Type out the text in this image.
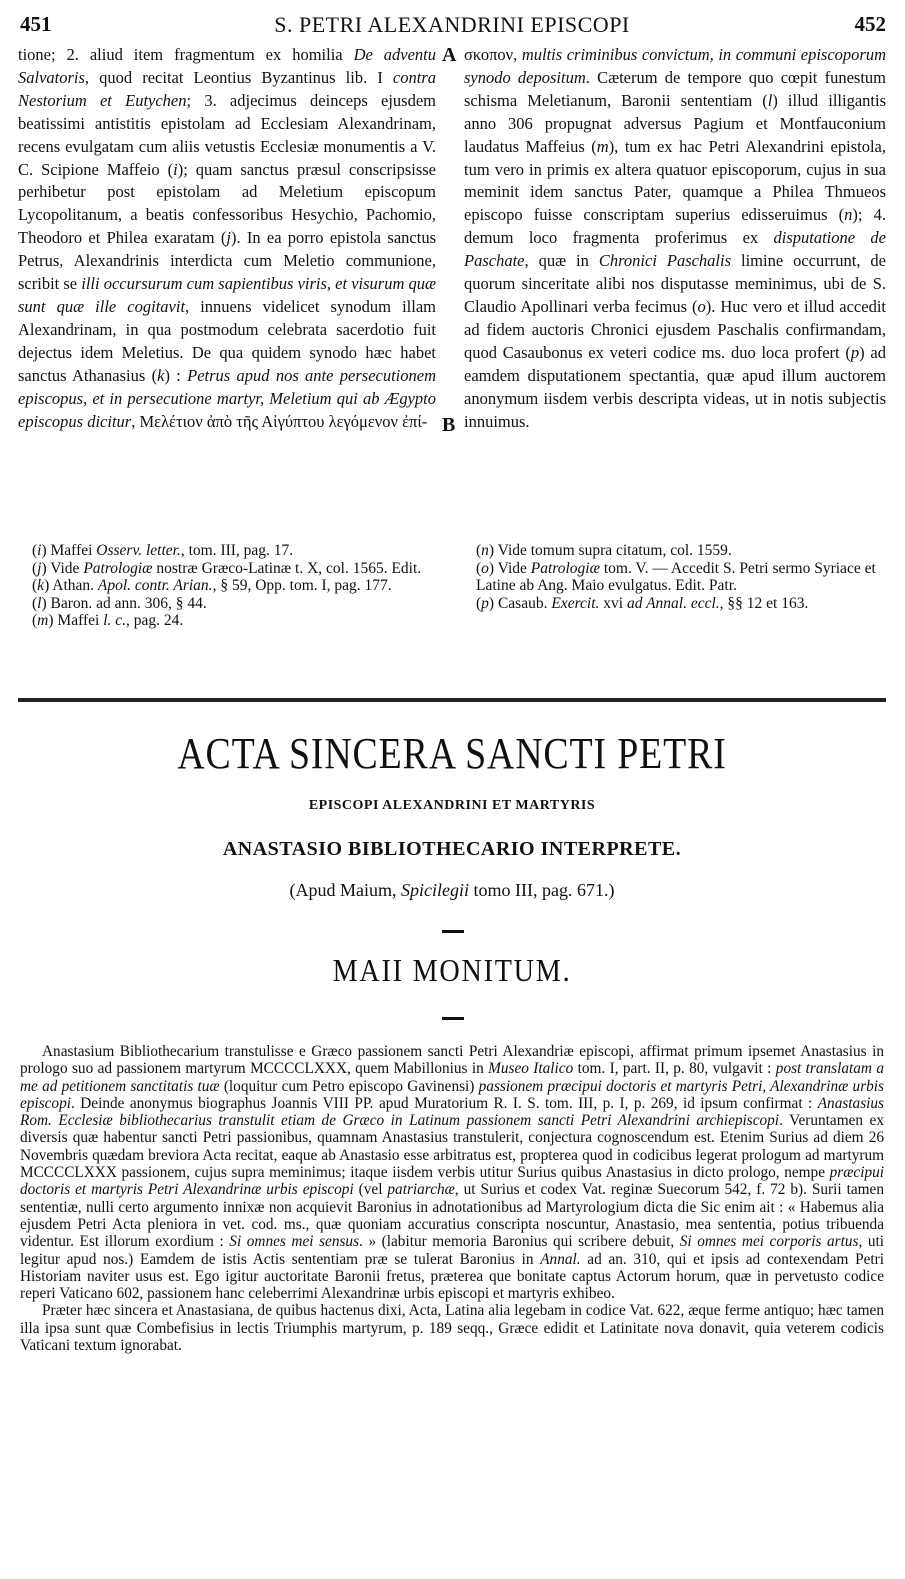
451	S. PETRI ALEXANDRINI EPISCOPI	452

tione; 2. aliud item fragmentum ex homilia De adventu Salvatoris, quod recitat Leontius Byzantinus lib. I contra Nestorium et Eutychen; 3. adjecimus deinceps ejusdem beatissimi antistitis epistolam ad Ecclesiam Alexandrinam, recens evulgatam cum aliis vetustis Ecclesiæ monumentis a V. C. Scipione Maffeio (i); quam sanctus præsul conscripsisse perhibetur post epistolam ad Meletium episcopum Lycopolitanum, a beatis confessoribus Hesychio, Pachomio, Theodoro et Philea exaratam (j). In ea porro epistola sanctus Petrus, Alexandrinis interdicta cum Meletio communione, scribit se illi occursurum cum sapientibus viris, et visurum quæ sunt quæ ille cogitavit, innuens videlicet synodum illam Alexandrinam, in qua postmodum celebrata sacerdotio fuit dejectus idem Meletius. De qua quidem synodo hæc habet sanctus Athanasius (k) : Petrus apud nos ante persecutionem episcopus, et in persecutione martyr, Meletium qui ab Ægypto episcopus dicitur, Μελέτιον ἀπὸ τῆς Αἰγύπτου λεγόμενον ἐπί-

σκοπον, multis criminibus convictum, in communi episcoporum synodo depositum. Cæterum de tempore quo cœpit funestum schisma Meletianum, Baronii sententiam (l) illud illigantis anno 306 propugnat adversus Pagium et Montfauconium laudatus Maffeius (m), tum ex hac Petri Alexandrini epistola, tum vero in primis ex altera quatuor episcoporum, cujus in sua meminit idem sanctus Pater, quamque a Philea Thmueos episcopo fuisse conscriptam superius edisseruimus (n); 4. demum loco fragmenta proferimus ex disputatione de Paschate, quæ in Chronici Paschalis limine occurrunt, de quorum sinceritate alibi nos disputasse meminimus, ubi de S. Claudio Apollinari verba fecimus (o). Huc vero et illud accedit ad fidem auctoris Chronici ejusdem Paschalis confirmandam, quod Casaubonus ex veteri codice ms. duo loca profert (p) ad eamdem disputationem spectantia, quæ apud illum auctorem anonymum iisdem verbis descripta videas, ut in notis subjectis innuimus.

A
B

(i) Maffei Osserv. letter., tom. III, pag. 17.

(j) Vide Patrologiæ nostræ Græco-Latinæ t. X, col. 1565. Edit.

(k) Athan. Apol. contr. Arian., § 59, Opp. tom. I, pag. 177.

(l) Baron. ad ann. 306, § 44.

(m) Maffei l. c., pag. 24.

(n) Vide tomum supra citatum, col. 1559.

(o) Vide Patrologiæ tom. V. — Accedit S. Petri sermo Syriace et Latine ab Ang. Maio evulgatus. Edit. Patr.

(p) Casaub. Exercit. xvi ad Annal. eccl., §§ 12 et 163.

ACTA SINCERA SANCTI PETRI
EPISCOPI ALEXANDRINI ET MARTYRIS
ANASTASIO BIBLIOTHECARIO INTERPRETE.
(Apud Maium, Spicilegii tomo III, pag. 671.)
MAII MONITUM.

Anastasium Bibliothecarium transtulisse e Græco passionem sancti Petri Alexandriæ episcopi, affirmat primum ipsemet Anastasius in prologo suo ad passionem martyrum MCCCCLXXX, quem Mabillonius in Museo Italico tom. I, part. II, p. 80, vulgavit : post translatam a me ad petitionem sanctitatis tuæ (loquitur cum Petro episcopo Gavinensi) passionem præcipui doctoris et martyris Petri, Alexandrinæ urbis episcopi. Deinde anonymus biographus Joannis VIII PP. apud Muratorium R. I. S. tom. III, p. I, p. 269, id ipsum confirmat : Anastasius Rom. Ecclesiæ bibliothecarius transtulit etiam de Græco in Latinum passionem sancti Petri Alexandrini archiepiscopi. Veruntamen ex diversis quæ habentur sancti Petri passionibus, quamnam Anastasius transtulerit, conjectura cognoscendum est. Etenim Surius ad diem 26 Novembris quædam breviora Acta recitat, eaque ab Anastasio esse arbitratus est, propterea quod in codicibus legerat prologum ad martyrum MCCCCLXXX passionem, cujus supra meminimus; itaque iisdem verbis utitur Surius quibus Anastasius in dicto prologo, nempe præcipui doctoris et martyris Petri Alexandrinæ urbis episcopi (vel patriarchæ, ut Surius et codex Vat. reginæ Suecorum 542, f. 72 b). Surii tamen sententiæ, nulli certo argumento innixæ non acquievit Baronius in adnotationibus ad Martyrologium dicta die Sic enim ait : « Habemus alia ejusdem Petri Acta pleniora in vet. cod. ms., quæ quoniam accuratius conscripta noscuntur, Anastasio, mea sententia, potius tribuenda videntur. Est illorum exordium : Si omnes mei sensus. » (labitur memoria Baronius qui scribere debuit, Si omnes mei corporis artus, uti legitur apud nos.) Eamdem de istis Actis sententiam præ se tulerat Baronius in Annal. ad an. 310, qui et ipsis ad contexendam Petri Historiam naviter usus est. Ego igitur auctoritate Baronii fretus, præterea que bonitate captus Actorum horum, quæ in pervetusto codice reperi Vaticano 602, passionem hanc celeberrimi Alexandrinæ urbis episcopi et martyris exhibeo.

Præter hæc sincera et Anastasiana, de quibus hactenus dixi, Acta, Latina alia legebam in codice Vat. 622, æque ferme antiquo; hæc tamen illa ipsa sunt quæ Combefisius in lectis Triumphis martyrum, p. 189 seqq., Græce edidit et Latinitate nova donavit, quia veterem codicis Vaticani textum ignorabat.
